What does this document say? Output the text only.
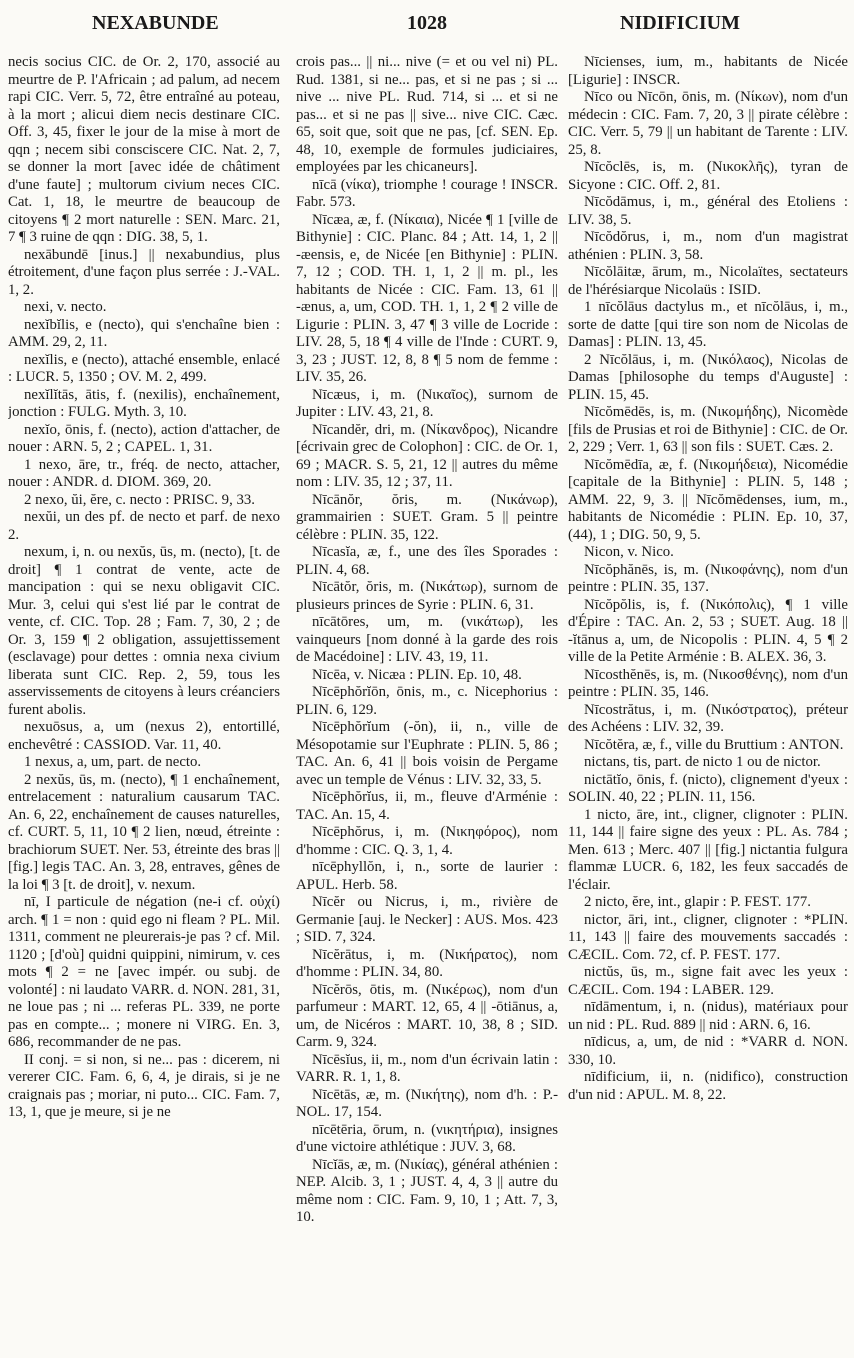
NEXABUNDE	1028	NIDIFICIUM

necis socius CIC. de Or. 2, 170, associé au meurtre de P. l'Africain ; ad palum, ad necem rapi CIC. Verr. 5, 72, être entraîné au poteau, à la mort ; alicui diem necis destinare CIC. Off. 3, 45, fixer le jour de la mise à mort de qqn ; necem sibi consciscere CIC. Nat. 2, 7, se donner la mort [avec idée de châtiment d'une faute] ; multorum civium neces CIC. Cat. 1, 18, le meurtre de beaucoup de citoyens ¶ 2 mort naturelle : SEN. Marc. 21, 7 ¶ 3 ruine de qqn : DIG. 38, 5, 1.

nexābundē [inus.] || nexabundius, plus étroitement, d'une façon plus serrée : J.-VAL. 1, 2.

nexi, v. necto.

nexĭbĭlis, e (necto), qui s'enchaîne bien : AMM. 29, 2, 11.

nexĭlis, e (necto), attaché ensemble, enlacé : LUCR. 5, 1350 ; OV. M. 2, 499.

nexĭlĭtās, ātis, f. (nexilis), enchaînement, jonction : FULG. Myth. 3, 10.

nexĭo, ōnis, f. (necto), action d'attacher, de nouer : ARN. 5, 2 ; CAPEL. 1, 31.

1 nexo, āre, tr., fréq. de necto, attacher, nouer : ANDR. d. DIOM. 369, 20.

2 nexo, ŭi, ĕre, c. necto : PRISC. 9, 33.

nexŭi, un des pf. de necto et parf. de nexo 2.

nexum, i, n. ou nexŭs, ūs, m. (necto), [t. de droit] ¶ 1 contrat de vente, acte de mancipation : qui se nexu obligavit CIC. Mur. 3, celui qui s'est lié par le contrat de vente, cf. CIC. Top. 28 ; Fam. 7, 30, 2 ; de Or. 3, 159 ¶ 2 obligation, assujettissement (esclavage) pour dettes : omnia nexa civium liberata sunt CIC. Rep. 2, 59, tous les asservissements de citoyens à leurs créanciers furent abolis.

nexuōsus, a, um (nexus 2), entortillé, enchevêtré : CASSIOD. Var. 11, 40.

1 nexus, a, um, part. de necto.

2 nexŭs, ūs, m. (necto), ¶ 1 enchaînement, entrelacement : naturalium causarum TAC. An. 6, 22, enchaînement de causes naturelles, cf. CURT. 5, 11, 10 ¶ 2 lien, nœud, étreinte : brachiorum SUET. Ner. 53, étreinte des bras || [fig.] legis TAC. An. 3, 28, entraves, gênes de la loi ¶ 3 [t. de droit], v. nexum.

nī, I particule de négation (ne-i cf. οὐχί) arch. ¶ 1 = non : quid ego ni fleam ? PL. Mil. 1311, comment ne pleurerais-je pas ? cf. Mil. 1120 ; [d'où] quidni quippini, nimirum, v. ces mots ¶ 2 = ne [avec impér. ou subj. de volonté] : ni laudato VARR. d. NON. 281, 31, ne loue pas ; ni ... referas PL. 339, ne porte pas en compte... ; monere ni VIRG. En. 3, 686, recommander de ne pas.

II conj. = si non, si ne... pas : dicerem, ni vererer CIC. Fam. 6, 6, 4, je dirais, si je ne craignais pas ; moriar, ni puto... CIC. Fam. 7, 13, 1, que je meure, si je ne

crois pas... || ni... nive (= et ou vel ni) PL. Rud. 1381, si ne... pas, et si ne pas ; si ... nive ... nive PL. Rud. 714, si ... et si ne pas... et si ne pas || sive... nive CIC. Cæc. 65, soit que, soit que ne pas, [cf. SEN. Ep. 48, 10, exemple de formules judiciaires, employées par les chicaneurs].

nīcā (νίκα), triomphe ! courage ! INSCR. Fabr. 573.

Nīcæa, æ, f. (Νίκαια), Nicée ¶ 1 [ville de Bithynie] : CIC. Planc. 84 ; Att. 14, 1, 2 || -æensis, e, de Nicée [en Bithynie] : PLIN. 7, 12 ; COD. TH. 1, 1, 2 || m. pl., les habitants de Nicée : CIC. Fam. 13, 61 || -ænus, a, um, COD. TH. 1, 1, 2 ¶ 2 ville de Ligurie : PLIN. 3, 47 ¶ 3 ville de Locride : LIV. 28, 5, 18 ¶ 4 ville de l'Inde : CURT. 9, 3, 23 ; JUST. 12, 8, 8 ¶ 5 nom de femme : LIV. 35, 26.

Nīcæus, i, m. (Νικαῖος), surnom de Jupiter : LIV. 43, 21, 8.

Nīcandĕr, dri, m. (Νίκανδρος), Nicandre [écrivain grec de Colophon] : CIC. de Or. 1, 69 ; MACR. S. 5, 21, 12 || autres du même nom : LIV. 35, 12 ; 37, 11.

Nīcānŏr, ŏris, m. (Νικάνωρ), grammairien : SUET. Gram. 5 || peintre célèbre : PLIN. 35, 122.

Nīcasĭa, æ, f., une des îles Sporades : PLIN. 4, 68.

Nīcātŏr, ŏris, m. (Νικάτωρ), surnom de plusieurs princes de Syrie : PLIN. 6, 31.

nīcātōres, um, m. (νικάτωρ), les vainqueurs [nom donné à la garde des rois de Macédoine] : LIV. 43, 19, 11.

Nīcēa, v. Nicæa : PLIN. Ep. 10, 48.

Nīcēphŏrĭōn, ōnis, m., c. Nicephorius : PLIN. 6, 129.

Nīcēphŏrĭum (-ŏn), ii, n., ville de Mésopotamie sur l'Euphrate : PLIN. 5, 86 ; TAC. An. 6, 41 || bois voisin de Pergame avec un temple de Vénus : LIV. 32, 33, 5.

Nīcēphŏrĭus, ii, m., fleuve d'Arménie : TAC. An. 15, 4.

Nīcēphŏrus, i, m. (Νικηφόρος), nom d'homme : CIC. Q. 3, 1, 4.

nīcēphyllŏn, i, n., sorte de laurier : APUL. Herb. 58.

Nīcĕr ou Nicrus, i, m., rivière de Germanie [auj. le Necker] : AUS. Mos. 423 ; SID. 7, 324.

Nīcĕrātus, i, m. (Νικήρατος), nom d'homme : PLIN. 34, 80.

Nīcĕrōs, ōtis, m. (Νικέρως), nom d'un parfumeur : MART. 12, 65, 4 || -ōtiānus, a, um, de Nicéros : MART. 10, 38, 8 ; SID. Carm. 9, 324.

Nīcēsĭus, ii, m., nom d'un écrivain latin : VARR. R. 1, 1, 8.

Nīcētās, æ, m. (Νικήτης), nom d'h. : P.-NOL. 17, 154.

nīcētēria, ōrum, n. (νικητήρια), insignes d'une victoire athlétique : JUV. 3, 68.

Nīcĭās, æ, m. (Νικίας), général athénien : NEP. Alcib. 3, 1 ; JUST. 4, 4, 3 || autre du même nom : CIC. Fam. 9, 10, 1 ; Att. 7, 3, 10.

Nīcienses, ium, m., habitants de Nicée [Ligurie] : INSCR.

Nīco ou Nīcōn, ōnis, m. (Νίκων), nom d'un médecin : CIC. Fam. 7, 20, 3 || pirate célèbre : CIC. Verr. 5, 79 || un habitant de Tarente : LIV. 25, 8.

Nīcŏclēs, is, m. (Νικοκλῆς), tyran de Sicyone : CIC. Off. 2, 81.

Nīcŏdāmus, i, m., général des Etoliens : LIV. 38, 5.

Nīcŏdŏrus, i, m., nom d'un magistrat athénien : PLIN. 3, 58.

Nīcŏlāitæ, ārum, m., Nicolaïtes, sectateurs de l'hérésiarque Nicolaüs : ISID.

1 nīcŏlāus dactylus m., et nīcŏlāus, i, m., sorte de datte [qui tire son nom de Nicolas de Damas] : PLIN. 13, 45.

2 Nīcŏlāus, i, m. (Νικόλαος), Nicolas de Damas [philosophe du temps d'Auguste] : PLIN. 15, 45.

Nīcŏmēdēs, is, m. (Νικομήδης), Nicomède [fils de Prusias et roi de Bithynie] : CIC. de Or. 2, 229 ; Verr. 1, 63 || son fils : SUET. Cæs. 2.

Nīcŏmēdīa, æ, f. (Νικομήδεια), Nicomédie [capitale de la Bithynie] : PLIN. 5, 148 ; AMM. 22, 9, 3. || Nīcŏmēdenses, ium, m., habitants de Nicomédie : PLIN. Ep. 10, 37, (44), 1 ; DIG. 50, 9, 5.

Nicon, v. Nico.

Nīcŏphănēs, is, m. (Νικοφάνης), nom d'un peintre : PLIN. 35, 137.

Nīcŏpŏlis, is, f. (Νικόπολις), ¶ 1 ville d'Épire : TAC. An. 2, 53 ; SUET. Aug. 18 || -ĭtānus a, um, de Nicopolis : PLIN. 4, 5 ¶ 2 ville de la Petite Arménie : B. ALEX. 36, 3.

Nīcosthĕnēs, is, m. (Νικοσθένης), nom d'un peintre : PLIN. 35, 146.

Nīcostrătus, i, m. (Νικόστρατος), préteur des Achéens : LIV. 32, 39.

Nīcŏtĕra, æ, f., ville du Bruttium : ANTON.

nictans, tis, part. de nicto 1 ou de nictor.

nictātĭo, ōnis, f. (nicto), clignement d'yeux : SOLIN. 40, 22 ; PLIN. 11, 156.

1 nicto, āre, int., cligner, clignoter : PLIN. 11, 144 || faire signe des yeux : PL. As. 784 ; Men. 613 ; Merc. 407 || [fig.] nictantia fulgura flammæ LUCR. 6, 182, les feux saccadés de l'éclair.

2 nicto, ĕre, int., glapir : P. FEST. 177.

nictor, āri, int., cligner, clignoter : *PLIN. 11, 143 || faire des mouvements saccadés : CÆCIL. Com. 72, cf. P. FEST. 177.

nictŭs, ūs, m., signe fait avec les yeux : CÆCIL. Com. 194 : LABER. 129.

nīdāmentum, i, n. (nidus), matériaux pour un nid : PL. Rud. 889 || nid : ARN. 6, 16.

nīdicus, a, um, de nid : *VARR d. NON. 330, 10.

nīdificium, ii, n. (nidifico), construction d'un nid : APUL. M. 8, 22.
